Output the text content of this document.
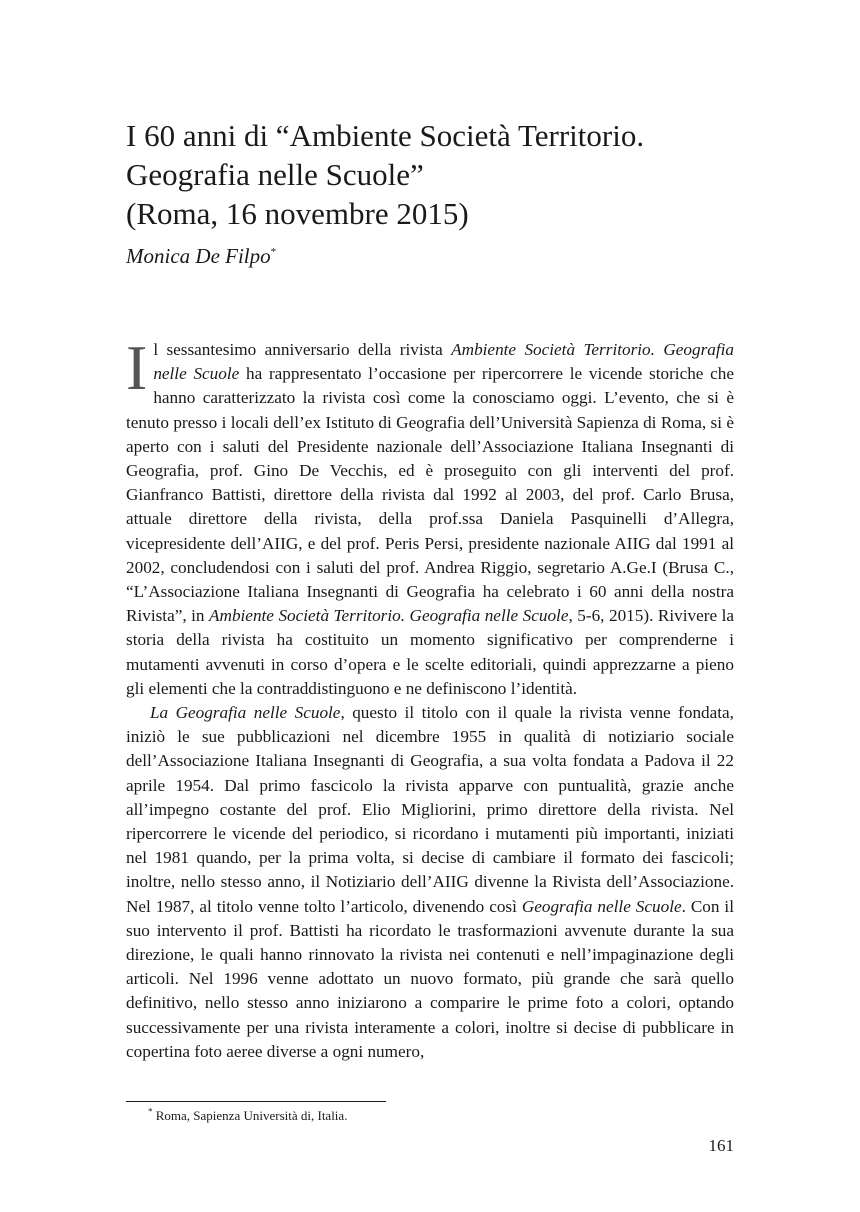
I 60 anni di “Ambiente Società Territorio.
Geografia nelle Scuole”
(Roma, 16 novembre 2015)
Monica De Filpo*

Il sessantesimo anniversario della rivista Ambiente Società Territorio. Geografia nelle Scuole ha rappresentato l’occasione per ripercorrere le vicende storiche che hanno caratterizzato la rivista così come la conosciamo oggi. L’evento, che si è tenuto presso i locali dell’ex Istituto di Geografia dell’Università Sapienza di Roma, si è aperto con i saluti del Presidente nazionale dell’Associazione Italiana Insegnanti di Geografia, prof. Gino De Vecchis, ed è proseguito con gli interventi del prof. Gianfranco Battisti, direttore della rivista dal 1992 al 2003, del prof. Carlo Brusa, attuale direttore della rivista, della prof.ssa Daniela Pasquinelli d’Allegra, vicepresidente dell’AIIG, e del prof. Peris Persi, presidente nazionale AIIG dal 1991 al 2002, concludendosi con i saluti del prof. Andrea Riggio, segretario A.Ge.I (Brusa C., “L’Associazione Italiana Insegnanti di Geografia ha celebrato i 60 anni della nostra Rivista”, in Ambiente Società Territorio. Geografia nelle Scuole, 5-6, 2015). Rivivere la storia della rivista ha costituito un momento significativo per comprenderne i mutamenti avvenuti in corso d’opera e le scelte editoriali, quindi apprezzarne a pieno gli elementi che la contraddistinguono e ne definiscono l’identità.

La Geografia nelle Scuole, questo il titolo con il quale la rivista venne fondata, iniziò le sue pubblicazioni nel dicembre 1955 in qualità di notiziario sociale dell’Associazione Italiana Insegnanti di Geografia, a sua volta fondata a Padova il 22 aprile 1954. Dal primo fascicolo la rivista apparve con puntualità, grazie anche all’impegno costante del prof. Elio Migliorini, primo direttore della rivista. Nel ripercorrere le vicende del periodico, si ricordano i mutamenti più importanti, iniziati nel 1981 quando, per la prima volta, si decise di cambiare il formato dei fascicoli; inoltre, nello stesso anno, il Notiziario dell’AIIG divenne la Rivista dell’Associazione. Nel 1987, al titolo venne tolto l’articolo, divenendo così Geografia nelle Scuole. Con il suo intervento il prof. Battisti ha ricordato le trasformazioni avvenute durante la sua direzione, le quali hanno rinnovato la rivista nei contenuti e nell’impaginazione degli articoli. Nel 1996 venne adottato un nuovo formato, più grande che sarà quello definitivo, nello stesso anno iniziarono a comparire le prime foto a colori, optando successivamente per una rivista interamente a colori, inoltre si decise di pubblicare in copertina foto aeree diverse a ogni numero,

* Roma, Sapienza Università di, Italia.
161
